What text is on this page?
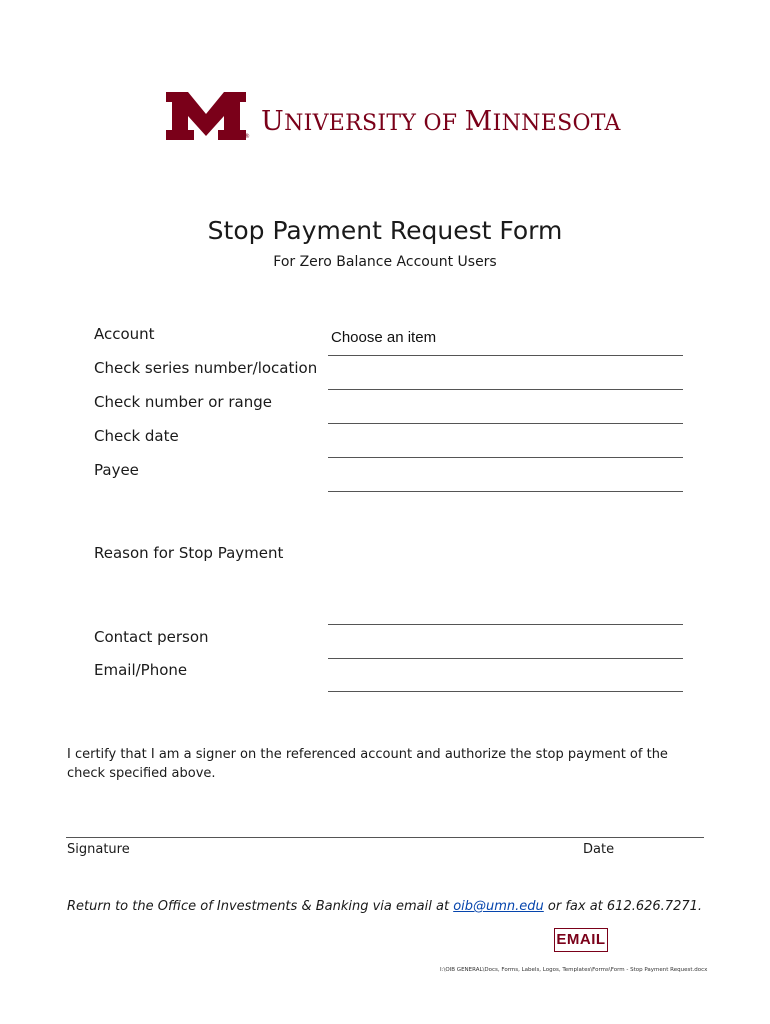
® UNIVERSITY OF MINNESOTA
Stop Payment Request Form
For Zero Balance Account Users
Account	Choose an item
Check series number/location
Check number or range
Check date
Payee
Reason for Stop Payment
Contact person
Email/Phone
I certify that I am a signer on the referenced account and authorize the stop payment of the check specified above.
Signature	Date
Return to the Office of Investments & Banking via email at oib@umn.edu or fax at 612.626.7271.
EMAIL
I:\OIB GENERAL\Docs, Forms, Labels, Logos, Templates\Forms\Form - Stop Payment Request.docx
